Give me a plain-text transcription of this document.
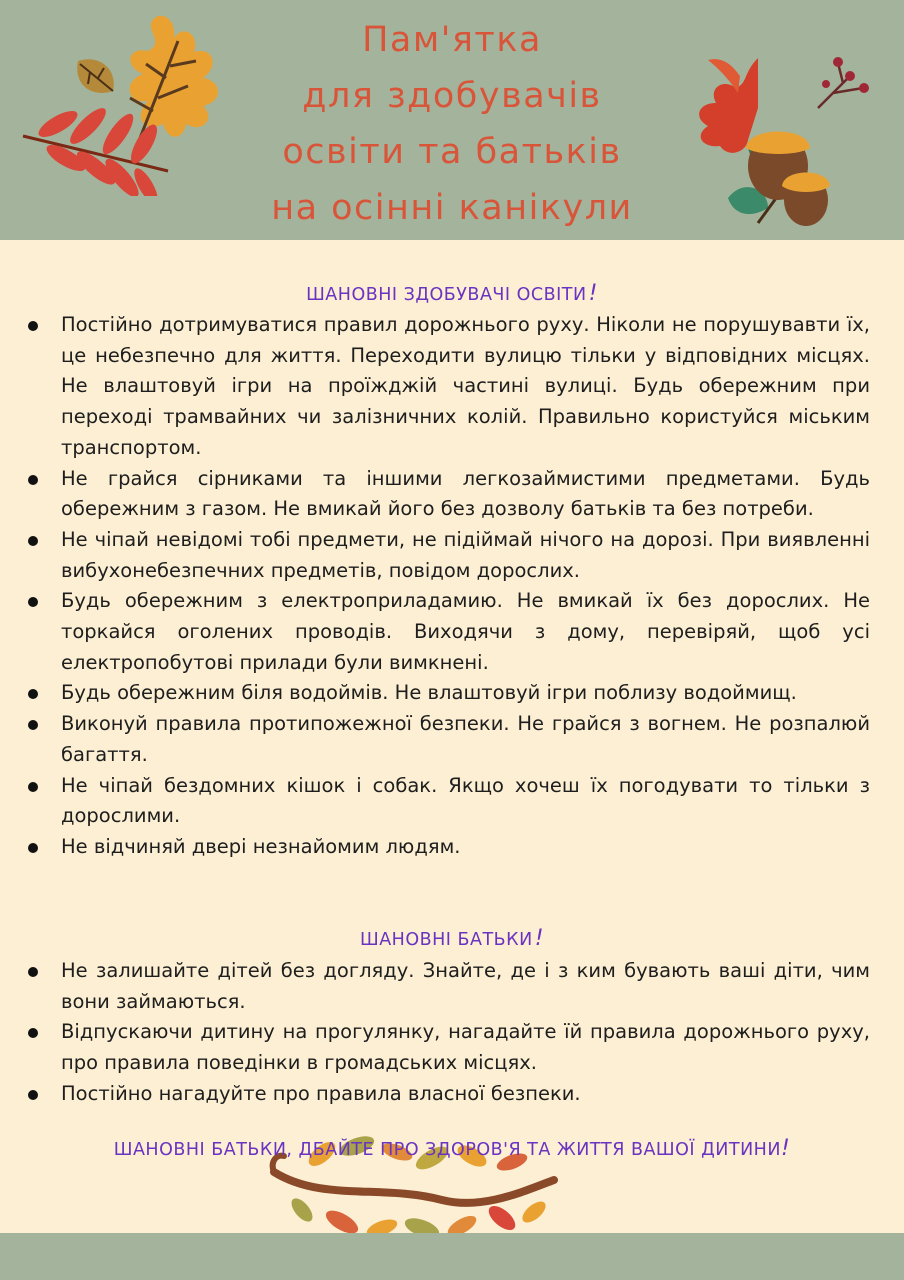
Пам'ятка
для здобувачів
освіти та батьків
на осінні канікули
ШАНОВНІ ЗДОБУВАЧІ ОСВІТИ!
Постійно дотримуватися правил дорожнього руху. Ніколи не порушувавти їх, це небезпечно для життя. Переходити вулицю тільки у відповідних місцях. Не влаштовуй ігри на проїжджій частині вулиці. Будь обережним при переході трамвайних чи залізничних колій. Правильно користуйся міським транспортом.
Не грайся сірниками та іншими легкозаймистими предметами. Будь обережним з газом. Не вмикай його без дозволу батьків та без потреби.
Не чіпай невідомі тобі предмети, не підіймай нічого на дорозі. При виявленні вибухонебезпечних предметів, повідом дорослих.
Будь обережним з електроприладамию. Не вмикай їх без дорослих. Не торкайся оголених проводів. Виходячи з дому, перевіряй, щоб усі електропобутові прилади були вимкнені.
Будь обережним біля водоймів. Не влаштовуй ігри поблизу водоймищ.
Виконуй правила протипожежної безпеки. Не грайся з вогнем. Не розпалюй багаття.
Не чіпай бездомних кішок і собак. Якщо хочеш їх погодувати то тільки з дорослими.
Не відчиняй двері незнайомим людям.
ШАНОВНІ БАТЬКИ!
Не залишайте дітей без догляду. Знайте, де і з ким бувають ваші діти, чим вони займаються.
Відпускаючи дитину на прогулянку, нагадайте їй правила дорожнього руху, про правила поведінки в громадських місцях.
Постійно нагадуйте про правила власної безпеки.
ШАНОВНІ БАТЬКИ, ДБАЙТЕ ПРО ЗДОРОВ'Я ТА ЖИТТЯ ВАШОЇ ДИТИНИ!
